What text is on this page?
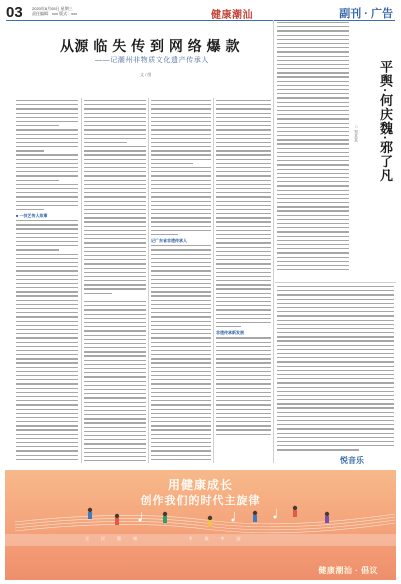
03 2020年8月05日 星期三
责任编辑：xxx 版式：xxx	健康潮汕	副刊 · 广告
从源 临 失 传 到 网 络 爆 款
——记潮州非物质文化遗产传承人
文 / 图
■ 一技艺传人故事
记广东省非遗传承人
非遗传承新发展
平舆·何庆魏·邪了凡
□ 郑某某
悦音乐
用健康成长
创作我们的时代主旋律
全民健康 · 幸福中国
健康潮汕 · 倡议
